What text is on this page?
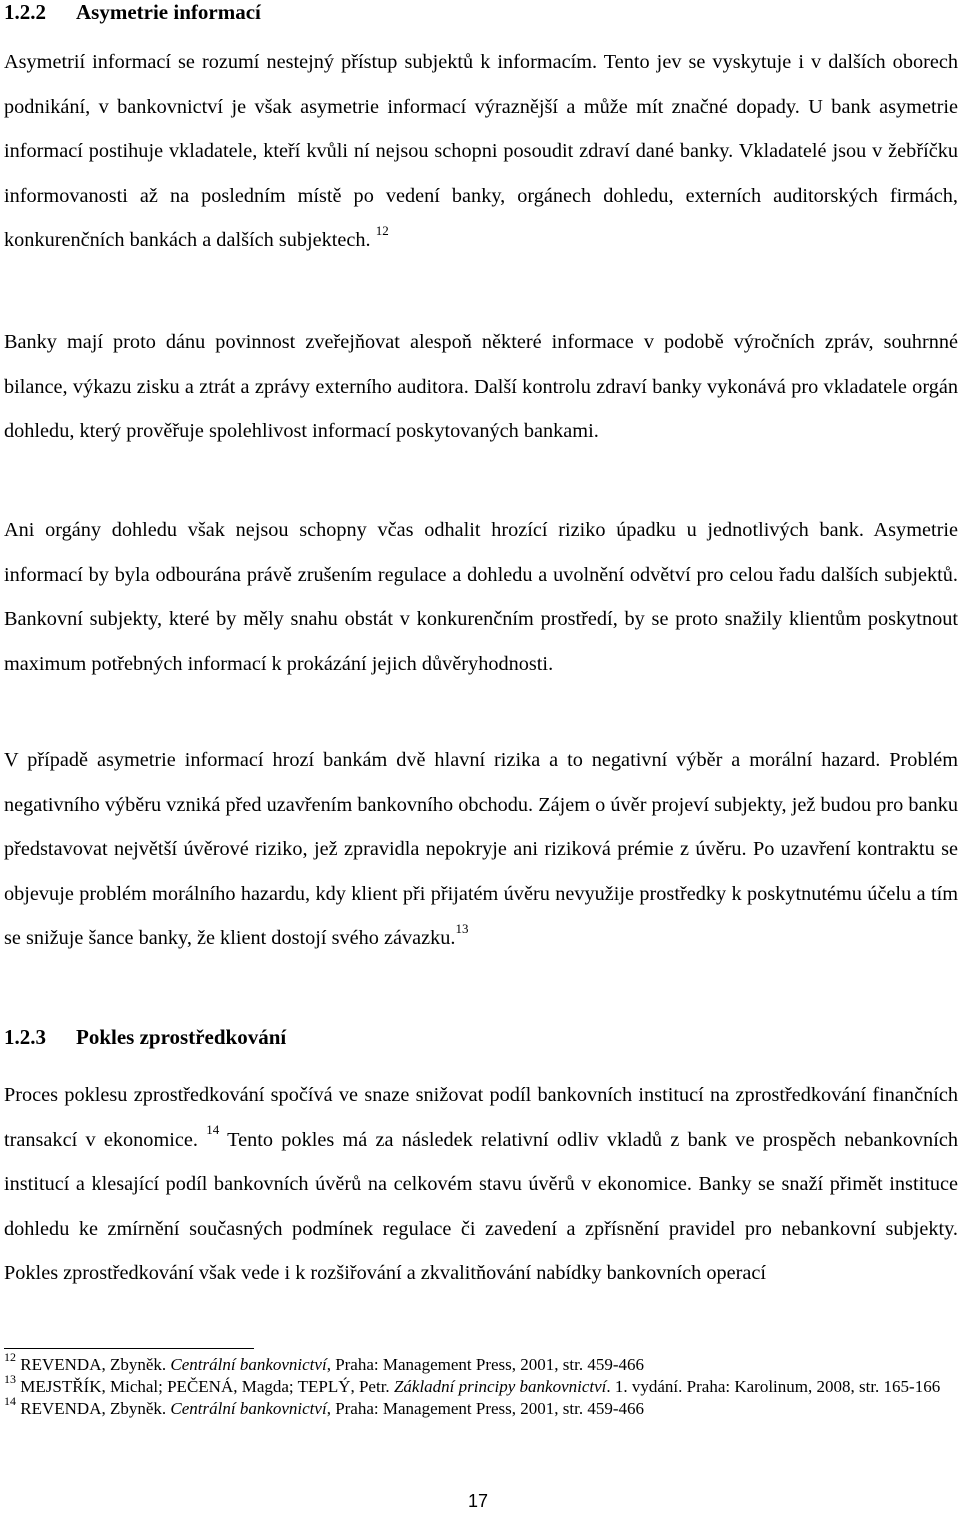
1.2.2 Asymetrie informací

Asymetrií informací se rozumí nestejný přístup subjektů k informacím. Tento jev se vyskytuje i v dalších oborech podnikání, v bankovnictví je však asymetrie informací výraznější a může mít značné dopady. U bank asymetrie informací postihuje vkladatele, kteří kvůli ní nejsou schopni posoudit zdraví dané banky. Vkladatelé jsou v žebříčku informovanosti až na posledním místě po vedení banky, orgánech dohledu, externích auditorských firmách, konkurenčních bankách a dalších subjektech. $^{12}$

Banky mají proto dánu povinnost zveřejňovat alespoň některé informace v podobě výročních zpráv, souhrnné bilance, výkazu zisku a ztrát a zprávy externího auditora. Další kontrolu zdraví banky vykonává pro vkladatele orgán dohledu, který prověřuje spolehlivost informací poskytovaných bankami.

Ani orgány dohledu však nejsou schopny včas odhalit hrozící riziko úpadku u jednotlivých bank. Asymetrie informací by byla odbourána právě zrušením regulace a dohledu a uvolnění odvětví pro celou řadu dalších subjektů. Bankovní subjekty, které by měly snahu obstát v konkurenčním prostředí, by se proto snažily klientům poskytnout maximum potřebných informací k prokázání jejich důvěryhodnosti.

V případě asymetrie informací hrozí bankám dvě hlavní rizika a to negativní výběr a morální hazard. Problém negativního výběru vzniká před uzavřením bankovního obchodu. Zájem o úvěr projeví subjekty, jež budou pro banku představovat největší úvěrové riziko, jež zpravidla nepokryje ani riziková prémie z úvěru. Po uzavření kontraktu se objevuje problém morálního hazardu, kdy klient při přijatém úvěru nevyužije prostředky k poskytnutému účelu a tím se snižuje šance banky, že klient dostojí svého závazku.$^{13}$

1.2.3 Pokles zprostředkování

Proces poklesu zprostředkování spočívá ve snaze snižovat podíl bankovních institucí na zprostředkování finančních transakcí v ekonomice. $^{14}$ Tento pokles má za následek relativní odliv vkladů z bank ve prospěch nebankovních institucí a klesající podíl bankovních úvěrů na celkovém stavu úvěrů v ekonomice. Banky se snaží přimět instituce dohledu ke zmírnění současných podmínek regulace či zavedení a zpřísnění pravidel pro nebankovní subjekty. Pokles zprostředkování však vede i k rozšiřování a zkvalitňování nabídky bankovních operací

$^{12}$ REVENDA, Zbyněk. Centrální bankovnictví, Praha: Management Press, 2001, str. 459-466

$^{13}$ MEJSTŘÍK, Michal; PEČENÁ, Magda; TEPLÝ, Petr. Základní principy bankovnictví. 1. vydání. Praha: Karolinum, 2008, str. 165-166

$^{14}$ REVENDA, Zbyněk. Centrální bankovnictví, Praha: Management Press, 2001, str. 459-466

17
